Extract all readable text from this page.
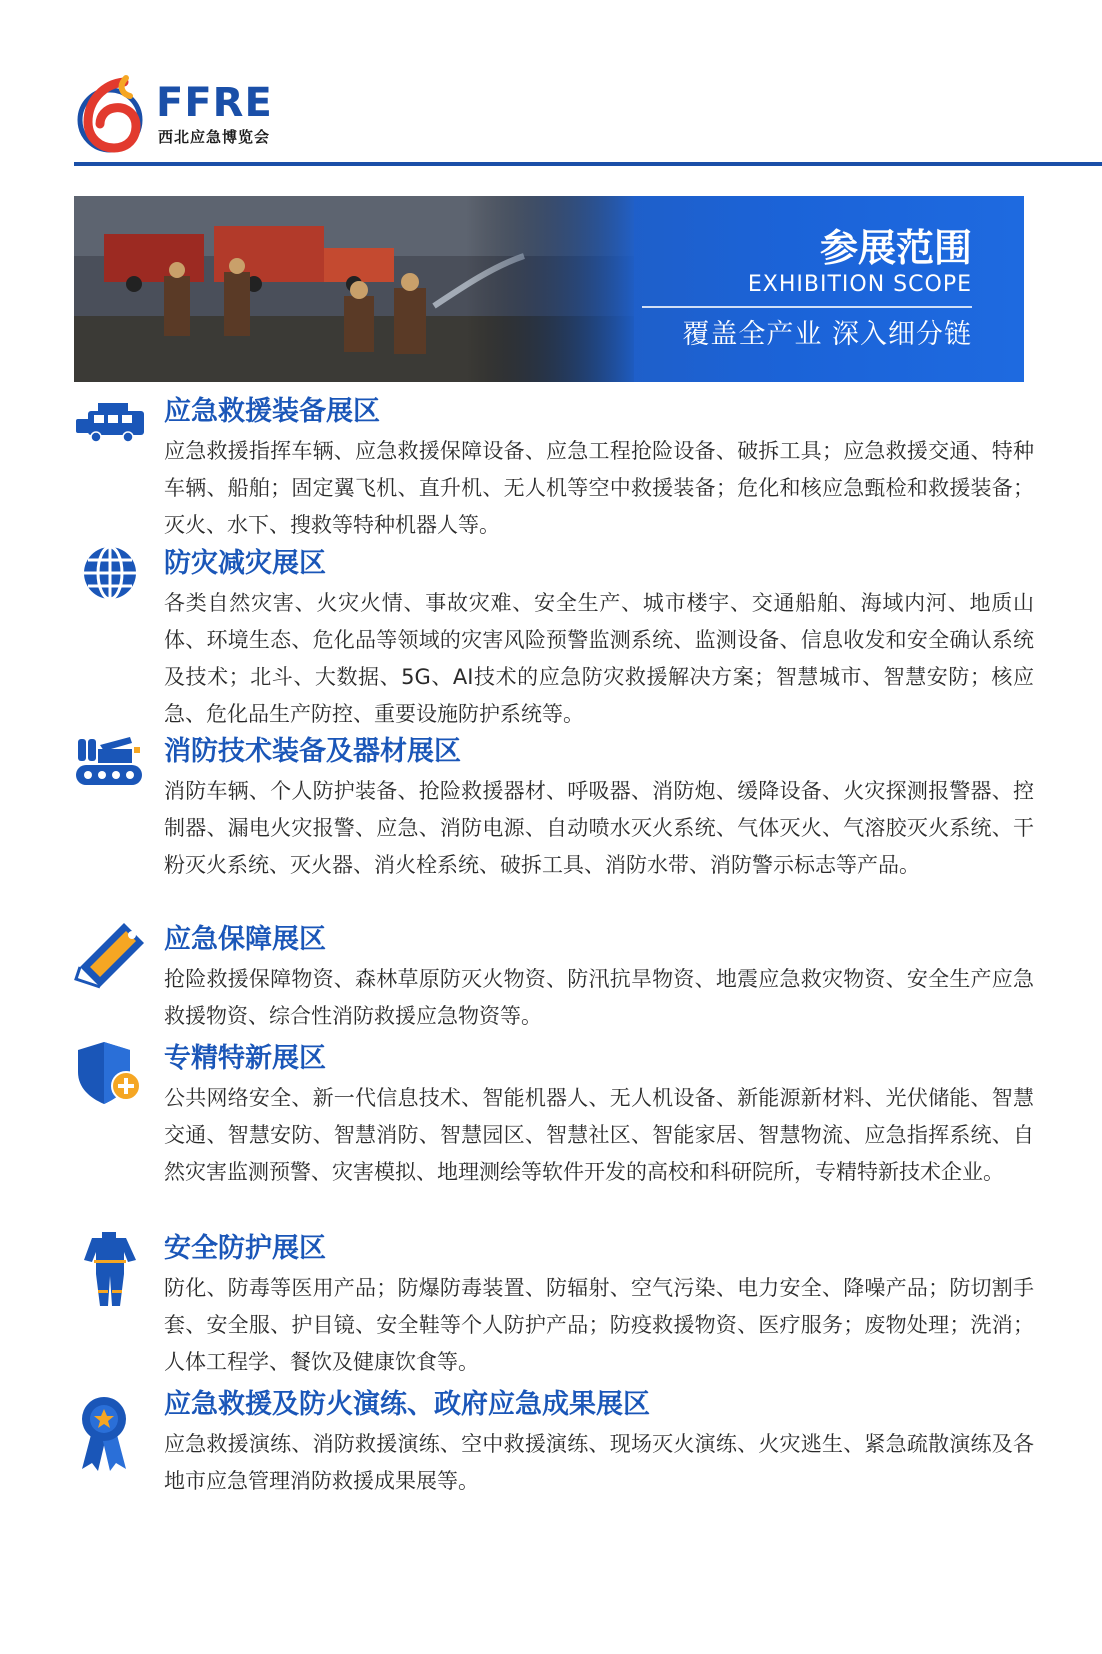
FFRE
西北应急博览会
参展范围
EXHIBITION SCOPE
覆盖全产业 深入细分链
应急救援装备展区
应急救援指挥车辆、应急救援保障设备、应急工程抢险设备、破拆工具；应急救援交通、特种车辆、船舶；固定翼飞机、直升机、无人机等空中救援装备；危化和核应急甄检和救援装备；灭火、水下、搜救等特种机器人等。
防灾减灾展区
各类自然灾害、火灾火情、事故灾难、安全生产、城市楼宇、交通船舶、海域内河、地质山体、环境生态、危化品等领域的灾害风险预警监测系统、监测设备、信息收发和安全确认系统及技术；北斗、大数据、5G、AI技术的应急防灾救援解决方案；智慧城市、智慧安防；核应急、危化品生产防控、重要设施防护系统等。
消防技术装备及器材展区
消防车辆、个人防护装备、抢险救援器材、呼吸器、消防炮、缓降设备、火灾探测报警器、控制器、漏电火灾报警、应急、消防电源、自动喷水灭火系统、气体灭火、气溶胶灭火系统、干粉灭火系统、灭火器、消火栓系统、破拆工具、消防水带、消防警示标志等产品。
应急保障展区
抢险救援保障物资、森林草原防灭火物资、防汛抗旱物资、地震应急救灾物资、安全生产应急救援物资、综合性消防救援应急物资等。
专精特新展区
公共网络安全、新一代信息技术、智能机器人、无人机设备、新能源新材料、光伏储能、智慧交通、智慧安防、智慧消防、智慧园区、智慧社区、智能家居、智慧物流、应急指挥系统、自然灾害监测预警、灾害模拟、地理测绘等软件开发的高校和科研院所，专精特新技术企业。
安全防护展区
防化、防毒等医用产品；防爆防毒装置、防辐射、空气污染、电力安全、降噪产品；防切割手套、安全服、护目镜、安全鞋等个人防护产品；防疫救援物资、医疗服务；废物处理；洗消；人体工程学、餐饮及健康饮食等。
应急救援及防火演练、政府应急成果展区
应急救援演练、消防救援演练、空中救援演练、现场灭火演练、火灾逃生、紧急疏散演练及各地市应急管理消防救援成果展等。
